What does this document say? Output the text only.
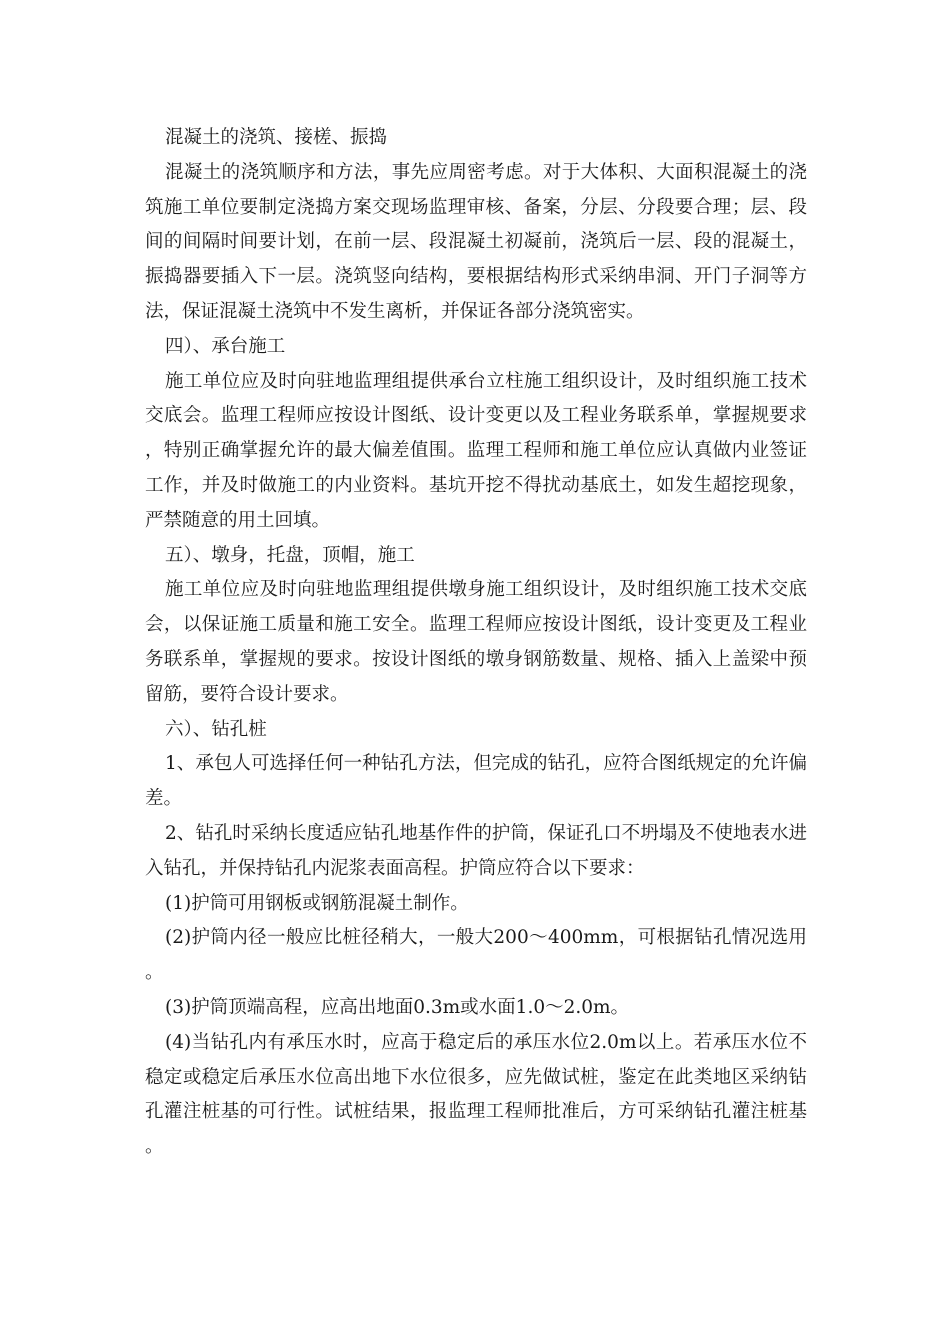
混凝土的浇筑、接槎、振捣

混凝土的浇筑顺序和方法，事先应周密考虑。对于大体积、大面积混凝土的浇筑施工单位要制定浇捣方案交现场监理审核、备案，分层、分段要合理；层、段间的间隔时间要计划，在前一层、段混凝土初凝前，浇筑后一层、段的混凝土，振捣器要插入下一层。浇筑竖向结构，要根据结构形式采纳串洞、开门子洞等方法，保证混凝土浇筑中不发生离析，并保证各部分浇筑密实。

四）、承台施工

施工单位应及时向驻地监理组提供承台立柱施工组织设计，及时组织施工技术交底会。监理工程师应按设计图纸、设计变更以及工程业务联系单，掌握规要求，特别正确掌握允许的最大偏差值围。监理工程师和施工单位应认真做内业签证工作，并及时做施工的内业资料。基坑开挖不得扰动基底土，如发生超挖现象，严禁随意的用土回填。

五）、墩身，托盘，顶帽，施工

施工单位应及时向驻地监理组提供墩身施工组织设计，及时组织施工技术交底会，以保证施工质量和施工安全。监理工程师应按设计图纸，设计变更及工程业务联系单，掌握规的要求。按设计图纸的墩身钢筋数量、规格、插入上盖梁中预留筋，要符合设计要求。

六）、钻孔桩

1、承包人可选择任何一种钻孔方法，但完成的钻孔，应符合图纸规定的允许偏差。

2、钻孔时采纳长度适应钻孔地基作件的护筒，保证孔口不坍塌及不使地表水进入钻孔，并保持钻孔内泥浆表面高程。护筒应符合以下要求：

(1)护筒可用钢板或钢筋混凝土制作。

(2)护筒内径一般应比桩径稍大，一般大200～400mm，可根据钻孔情况选用。

(3)护筒顶端高程，应高出地面0.3m或水面1.0～2.0m。

(4)当钻孔内有承压水时，应高于稳定后的承压水位2.0m以上。若承压水位不稳定或稳定后承压水位高出地下水位很多，应先做试桩，鉴定在此类地区采纳钻孔灌注桩基的可行性。试桩结果，报监理工程师批准后，方可采纳钻孔灌注桩基。
